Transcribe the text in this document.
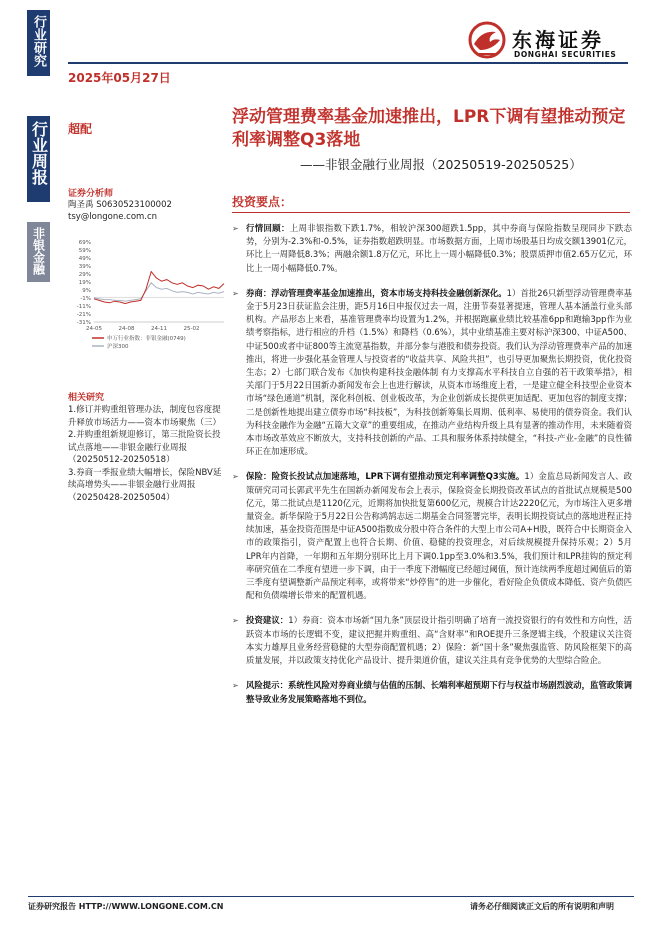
行业研究
行业周报
非银金融
东海证券
DONGHAI SECURITIES
2025年05月27日
超配
浮动管理费率基金加速推出，LPR下调有望推动预定利率调整Q3落地
——非银金融行业周报（20250519-20250525）
证券分析师
陶圣禹 S0630523100002
tsy@longone.com.cn
投资要点：
69%
59%
49%
39%
29%
19%
9%
-1%
-11%
-21%
-31%
24-05	24-08	24-11	25-02
申万行业指数：非银金融(0749)
沪深300
相关研究

1.修订并购重组管理办法，制度包容度提升释放市场活力——资本市场聚焦（三）

2.并购重组新规迎修订，第三批险资长投试点落地——非银金融行业周报（20250512-20250518）

3.券商一季报业绩大幅增长，保险NBV延续高增势头——非银金融行业周报（20250428-20250504）

➢ 行情回顾：上周非银指数下跌1.7%，相较沪深300超跌1.5pp，其中券商与保险指数呈现同步下跌态势，分别为-2.3%和-0.5%，证券指数超跌明显。市场数据方面，上周市场股基日均成交额13901亿元，环比上一周降低8.3%；两融余额1.8万亿元，环比上一周小幅降低0.3%；股票质押市值2.65万亿元，环比上一周小幅降低0.7%。
➢ 券商：浮动管理费率基金加速推出，资本市场支持科技金融创新深化。1）首批26只新型浮动管理费率基金于5月23日获证监会注册，距5月16日申报仅过去一周，注册节奏显著提速，管理人基本涵盖行业头部机构。产品形态上来看，基准管理费率均设置为1.2%，并根据跑赢业绩比较基准6pp和跑输3pp作为业绩考察指标，进行相应的升档（1.5%）和降档（0.6%），其中业绩基准主要对标沪深300、中证A500、中证500或者中证800等主流宽基指数，并部分参与港股和债券投资。我们认为浮动管理费率产品的加速推出，将进一步强化基金管理人与投资者的“收益共享、风险共担”，也引导更加聚焦长期投资，优化投资生态；2）七部门联合发布《加快构建科技金融体制 有力支撑高水平科技自立自强的若干政策举措》，相关部门于5月22日国新办新闻发布会上也进行解读，从资本市场维度上看，一是建立健全科技型企业资本市场“绿色通道”机制，深化科创板、创业板改革，为企业创新成长提供更加适配、更加包容的制度支撑；二是创新性地提出建立债券市场“科技板”，为科技创新筹集长周期、低利率、易使用的债券资金。我们认为科技金融作为金融“五篇大文章”的重要组成，在推动产业结构升级上具有显著的推动作用，未来随着资本市场改革效应不断放大，支持科技创新的产品、工具和服务体系持续健全，“科技-产业-金融”的良性循环正在加速形成。
➢ 保险：险资长投试点加速落地，LPR下调有望推动预定利率调整Q3实施。1）金监总局新闻发言人、政策研究司司长郭武平先生在国新办新闻发布会上表示，保险资金长期投资改革试点的首批试点规模是500亿元，第二批试点是1120亿元，近期将加快批复第600亿元，规模合计达2220亿元，为市场注入更多增量资金。新华保险于5月22日公告称鸿鹄志远二期基金合同签署完毕，表明长期投资试点的落地进程正持续加速，基金投资范围是中证A500指数成分股中符合条件的大型上市公司A+H股，既符合中长期资金入市的政策指引，资产配置上也符合长期、价值、稳健的投资理念，对后续规模提升保持乐观；2）5月LPR年内首降，一年期和五年期分别环比上月下调0.1pp至3.0%和3.5%，我们预计和LPR挂钩的预定利率研究值在二季度有望进一步下调，由于一季度下滑幅度已经超过阈值，预计连续两季度超过阈值后的第三季度有望调整新产品预定利率，或将带来“炒停售”的进一步催化，看好险企负债成本降低、资产负债匹配和负债端增长带来的配置机遇。
➢ 投资建议：1）券商：资本市场新“国九条”顶层设计指引明确了培育一流投资银行的有效性和方向性，活跃资本市场的长逻辑不变，建议把握并购重组、高“含财率”和ROE提升三条逻辑主线，个股建议关注资本实力雄厚且业务经营稳健的大型券商配置机遇；2）保险：新“国十条”聚焦强监管、防风险框架下的高质量发展，并以政策支持优化产品设计、提升渠道价值，建议关注具有竞争优势的大型综合险企。
➢ 风险提示：系统性风险对券商业绩与估值的压制、长端利率超预期下行与权益市场剧烈波动，监管政策调整导致业务发展策略落地不到位。
证券研究报告 HTTP://WWW.LONGONE.COM.CN	请务必仔细阅读正文后的所有说明和声明
